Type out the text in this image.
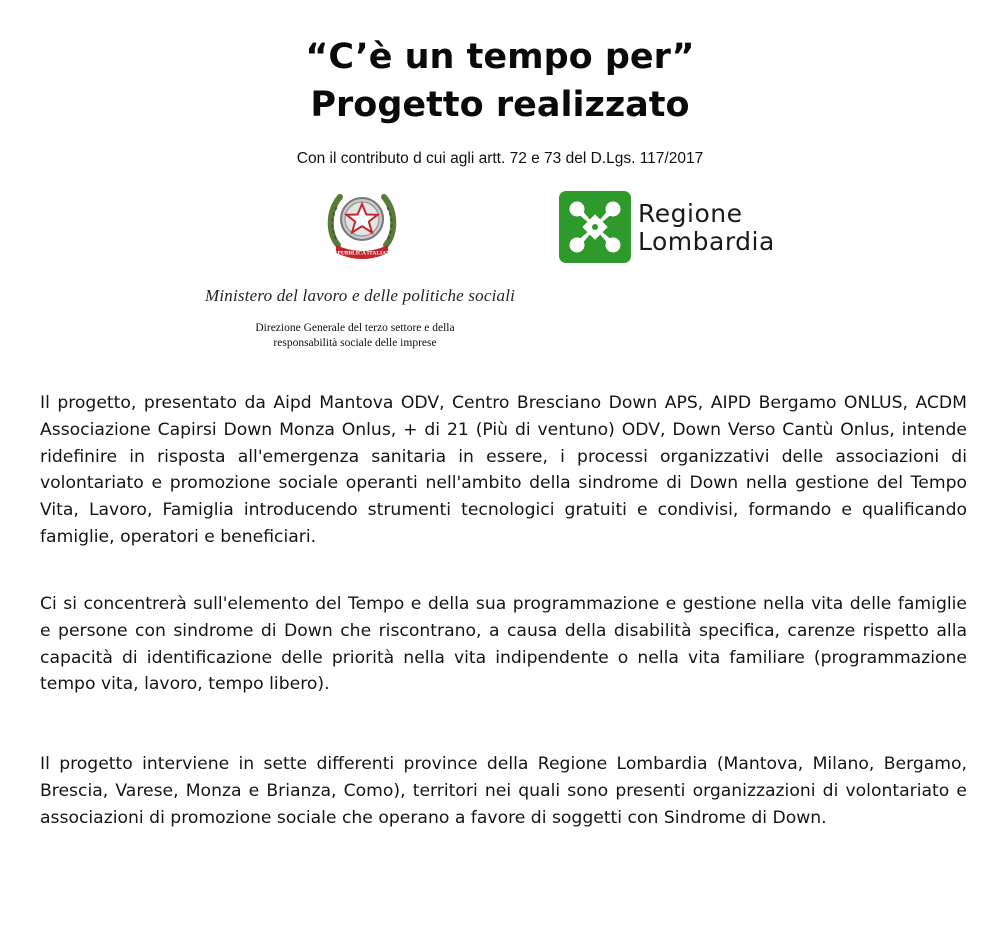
“C’è un tempo per”
Progetto realizzato
Con il contributo d cui agli artt. 72 e 73 del D.Lgs. 117/2017
REPUBBLICA ITALIANA
Ministero del lavoro e delle politiche sociali
Direzione Generale del terzo settore e della
responsabilità sociale delle imprese
Regione
Lombardia

Il progetto, presentato da Aipd Mantova ODV, Centro Bresciano Down APS, AIPD Bergamo ONLUS, ACDM Associazione Capirsi Down Monza Onlus, + di 21 (Più di ventuno) ODV, Down Verso Cantù Onlus, intende ridefinire in risposta all'emergenza sanitaria in essere, i processi organizzativi delle associazioni di volontariato e promozione sociale operanti nell'ambito della sindrome di Down nella gestione del Tempo Vita, Lavoro, Famiglia introducendo strumenti tecnologici gratuiti e condivisi, formando e qualificando famiglie, operatori e beneficiari.

Ci si concentrerà sull'elemento del Tempo e della sua programmazione e gestione nella vita delle famiglie e persone con sindrome di Down che riscontrano, a causa della disabilità specifica, carenze rispetto alla capacità di identificazione delle priorità nella vita indipendente o nella vita familiare (programmazione tempo vita, lavoro, tempo libero).

Il progetto interviene in sette differenti province della Regione Lombardia (Mantova, Milano, Bergamo, Brescia, Varese, Monza e Brianza, Como), territori nei quali sono presenti organizzazioni di volontariato e associazioni di promozione sociale che operano a favore di soggetti con Sindrome di Down.
